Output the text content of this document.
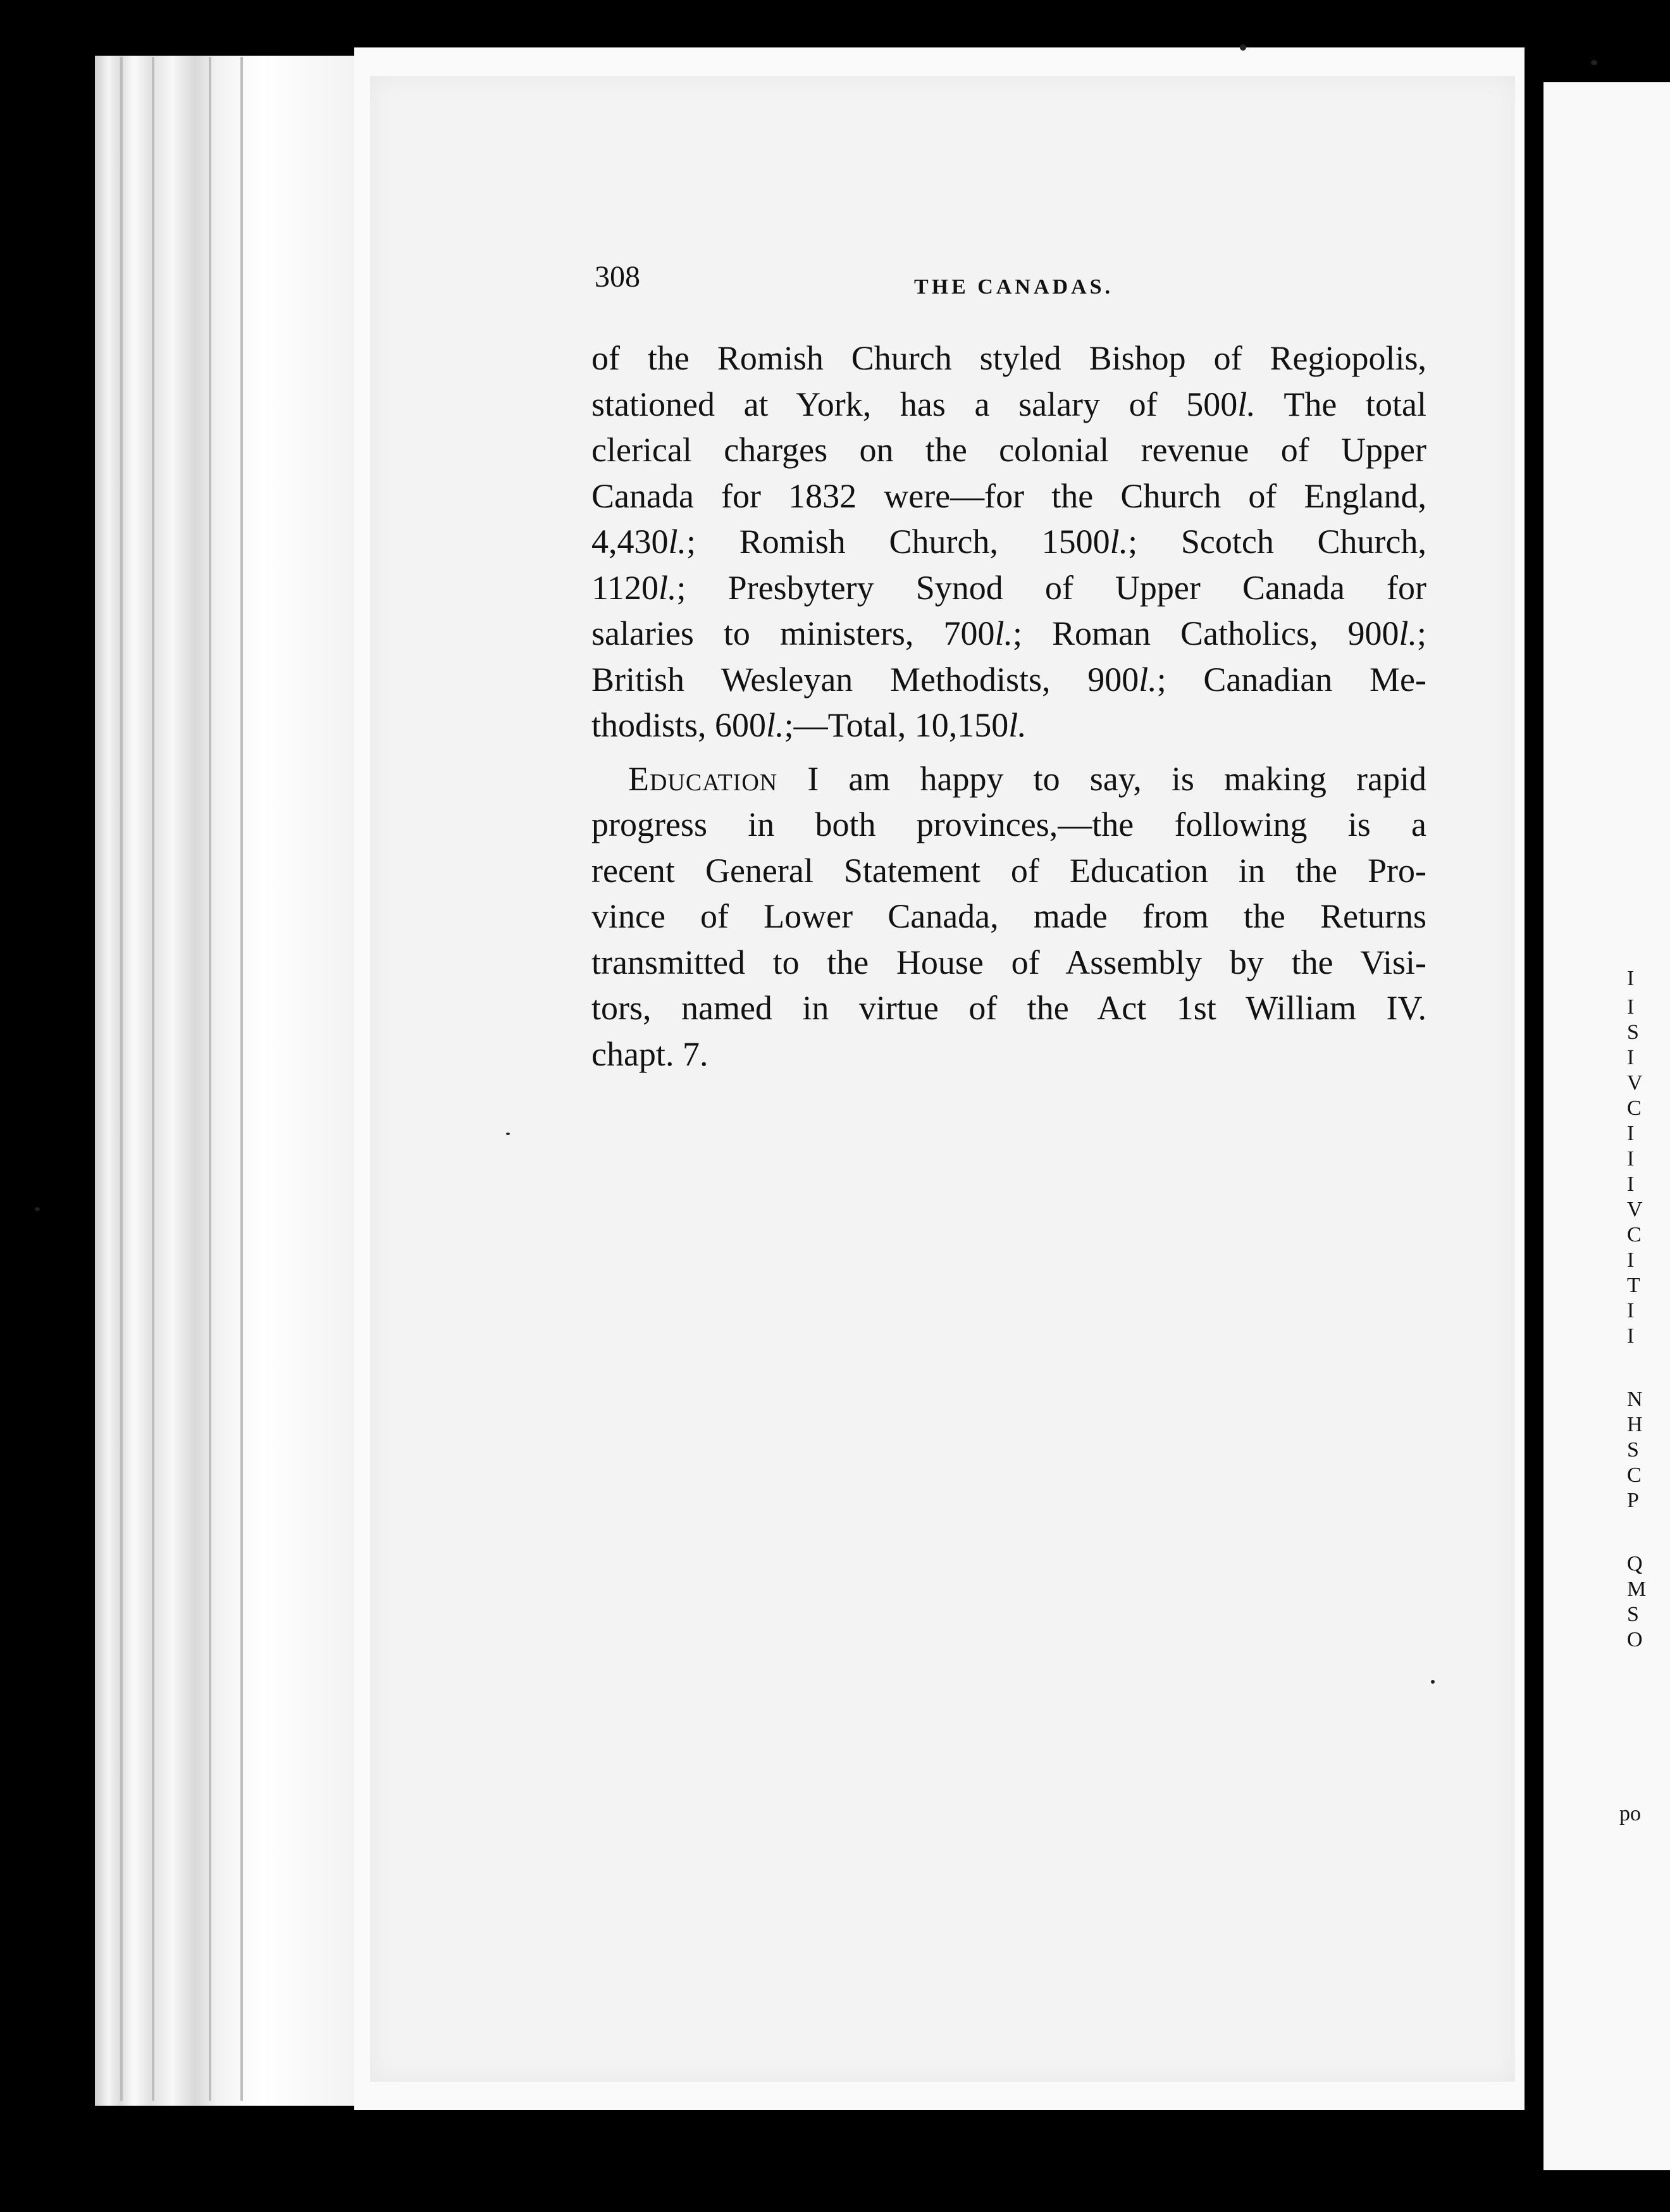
I
I
S
I
V
C
I
I
I
V
C
I
T
I
I
N
H
S
C
P
Q
M
S
O
po
308	THE CANADAS.
of the Romish Church styled Bishop of Regiopolis,
stationed at York, has a salary of 500l. The total
clerical charges on the colonial revenue of Upper
Canada for 1832 were—for the Church of England,
4,430l.; Romish Church, 1500l.; Scotch Church,
1120l.; Presbytery Synod of Upper Canada for
salaries to ministers, 700l.; Roman Catholics, 900l.;
British Wesleyan Methodists, 900l.; Canadian Me-
thodists, 600l.;—Total, 10,150l.
Education I am happy to say, is making rapid
progress in both provinces,—the following is a
recent General Statement of Education in the Pro-
vince of Lower Canada, made from the Returns
transmitted to the House of Assembly by the Visi-
tors, named in virtue of the Act 1st William IV.
chapt. 7.
